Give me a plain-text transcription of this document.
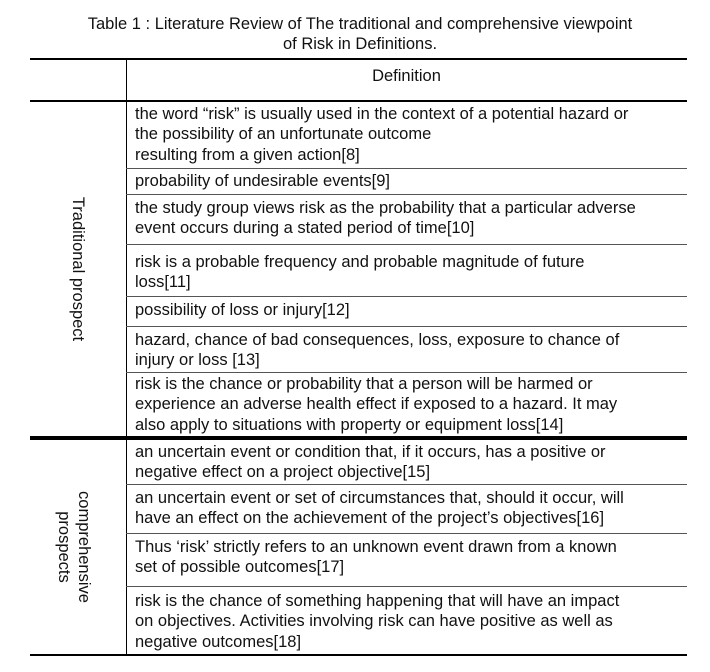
Table 1 : Literature Review of The traditional and comprehensive viewpoint
of Risk in Definitions.
Definition
Traditional prospect
comprehensive
prospects
the word “risk” is usually used in the context of a potential hazard or
the possibility of an unfortunate outcome
resulting from a given action[8]
probability of undesirable events[9]
the study group views risk as the probability that a particular adverse
event occurs during a stated period of time[10]
risk is a probable frequency and probable magnitude of future
loss[11]
possibility of loss or injury[12]
hazard, chance of bad consequences, loss, exposure to chance of
injury or loss [13]
risk is the chance or probability that a person will be harmed or
experience an adverse health effect if exposed to a hazard. It may
also apply to situations with property or equipment loss[14]
an uncertain event or condition that, if it occurs, has a positive or
negative effect on a project objective[15]
an uncertain event or set of circumstances that, should it occur, will
have an effect on the achievement of the project’s objectives[16]
Thus ‘risk’ strictly refers to an unknown event drawn from a known
set of possible outcomes[17]
risk is the chance of something happening that will have an impact
on objectives. Activities involving risk can have positive as well as
negative outcomes[18]
